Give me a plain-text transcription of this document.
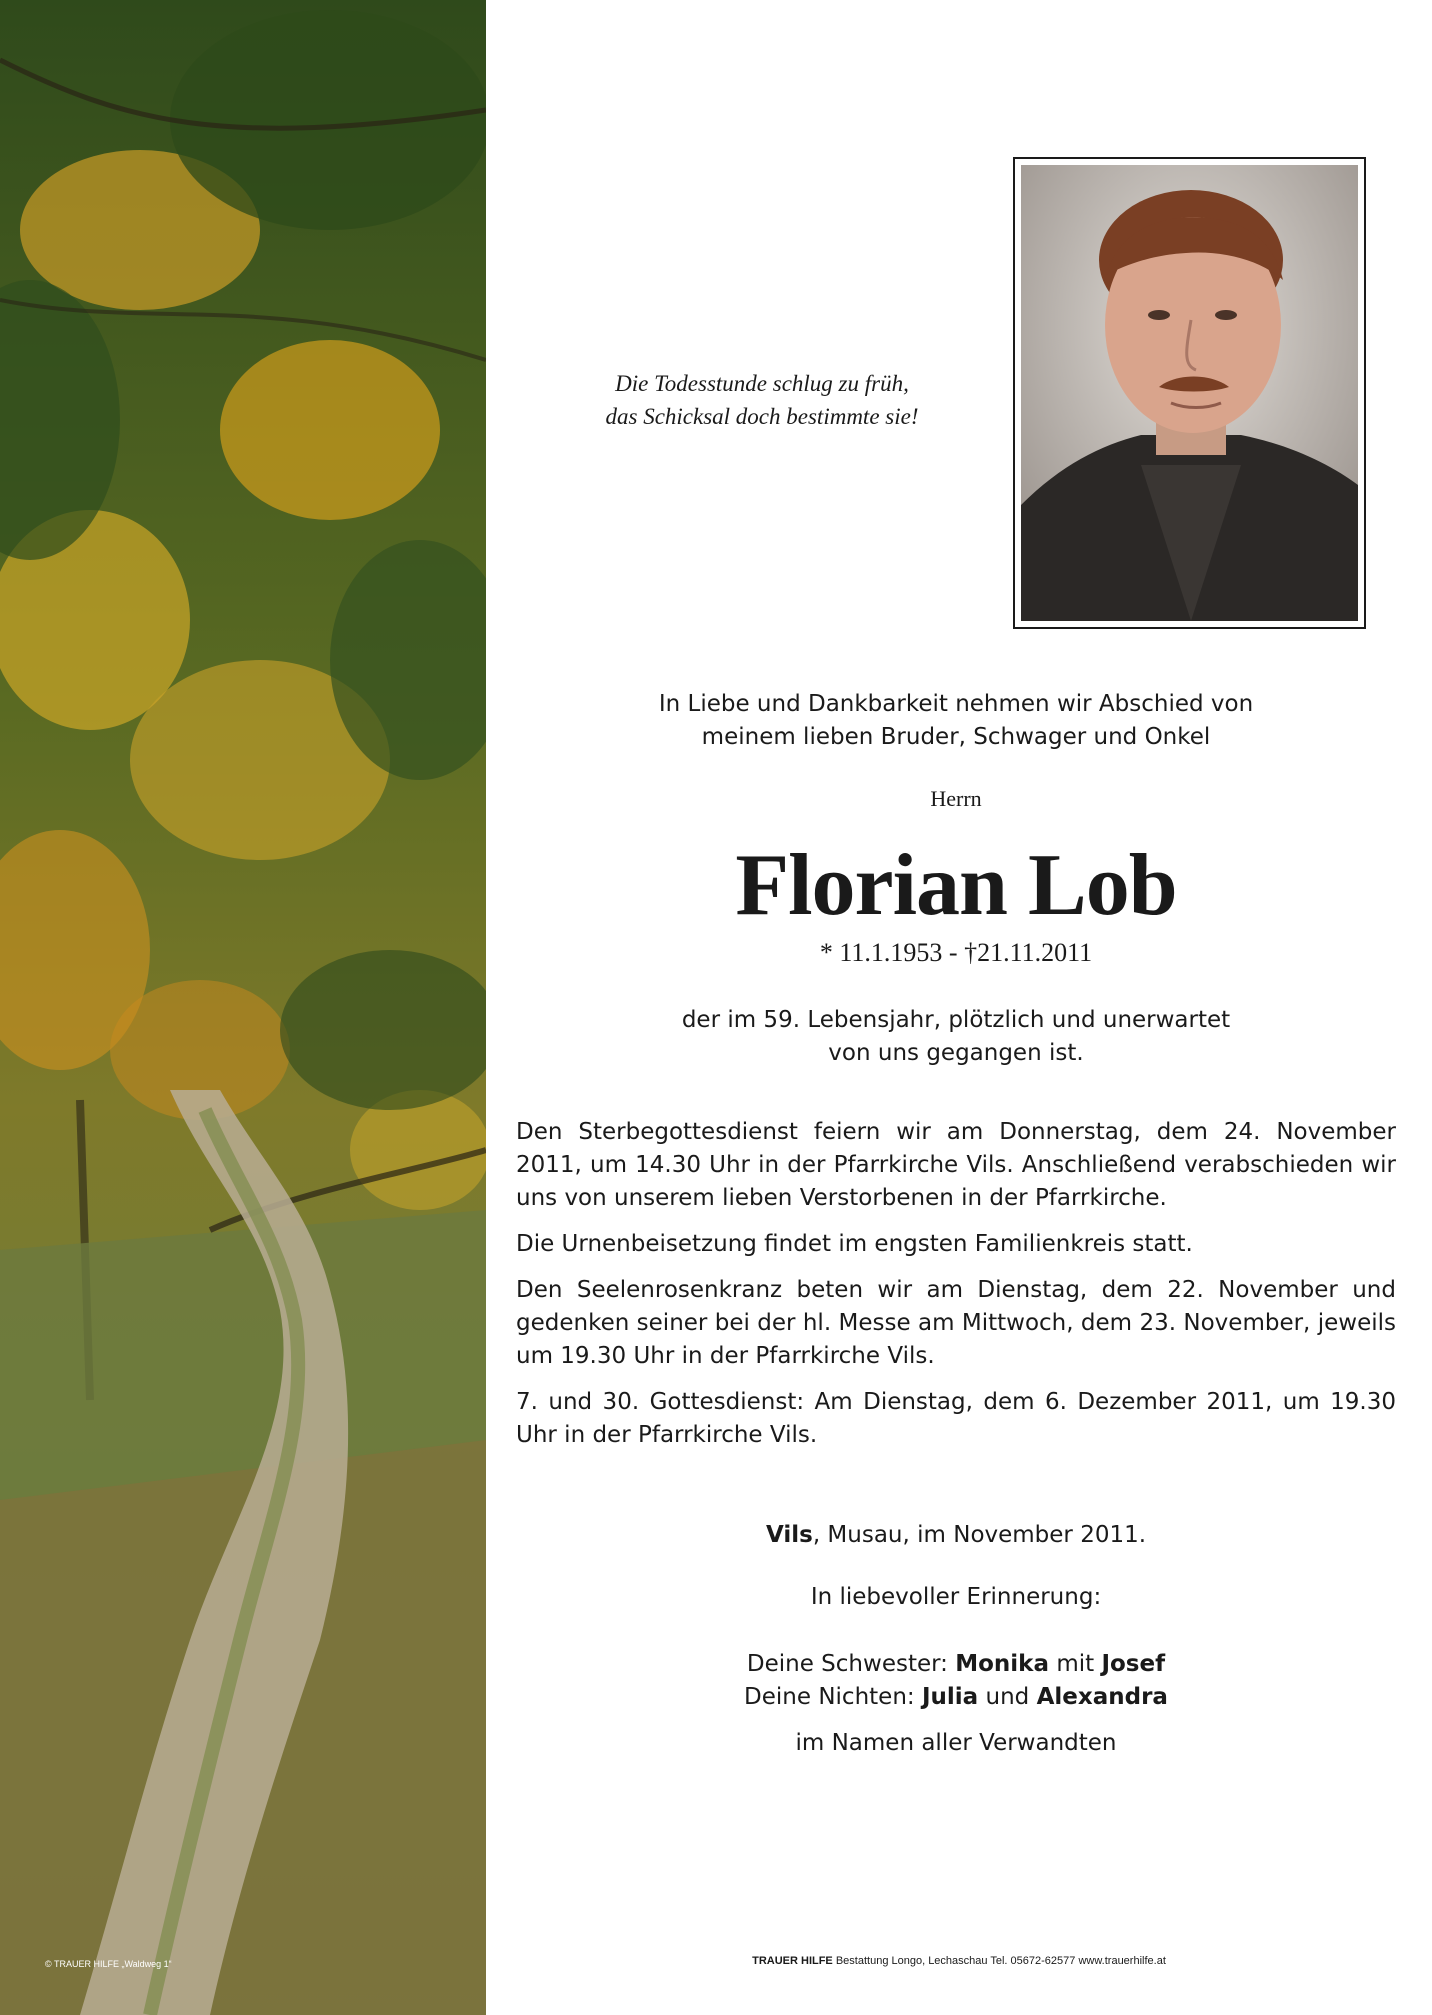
© TRAUER HILFE „Waldweg 1“
Die Todesstunde schlug zu früh,
das Schicksal doch bestimmte sie!
In Liebe und Dankbarkeit nehmen wir Abschied von
meinem lieben Bruder, Schwager und Onkel
Herrn
Florian Lob
* 11.1.1953 - †21.11.2011
der im 59. Lebensjahr, plötzlich und unerwartet
von uns gegangen ist.

Den Sterbegottesdienst feiern wir am Donnerstag, dem 24. November 2011, um 14.30 Uhr in der Pfarrkirche Vils. Anschließend verabschieden wir uns von unserem lieben Verstorbenen in der Pfarrkirche.

Die Urnenbeisetzung findet im engsten Familienkreis statt.

Den Seelenrosenkranz beten wir am Dienstag, dem 22. November und gedenken seiner bei der hl. Messe am Mittwoch, dem 23. November, jeweils um 19.30 Uhr in der Pfarrkirche Vils.

7. und 30. Gottesdienst: Am Dienstag, dem 6. Dezember 2011, um 19.30 Uhr in der Pfarrkirche Vils.

Vils, Musau, im November 2011.
In liebevoller Erinnerung:
Deine Schwester: Monika mit Josef
Deine Nichten: Julia und Alexandra
im Namen aller Verwandten
TRAUER HILFE Bestattung Longo, Lechaschau Tel. 05672-62577 www.trauerhilfe.at
